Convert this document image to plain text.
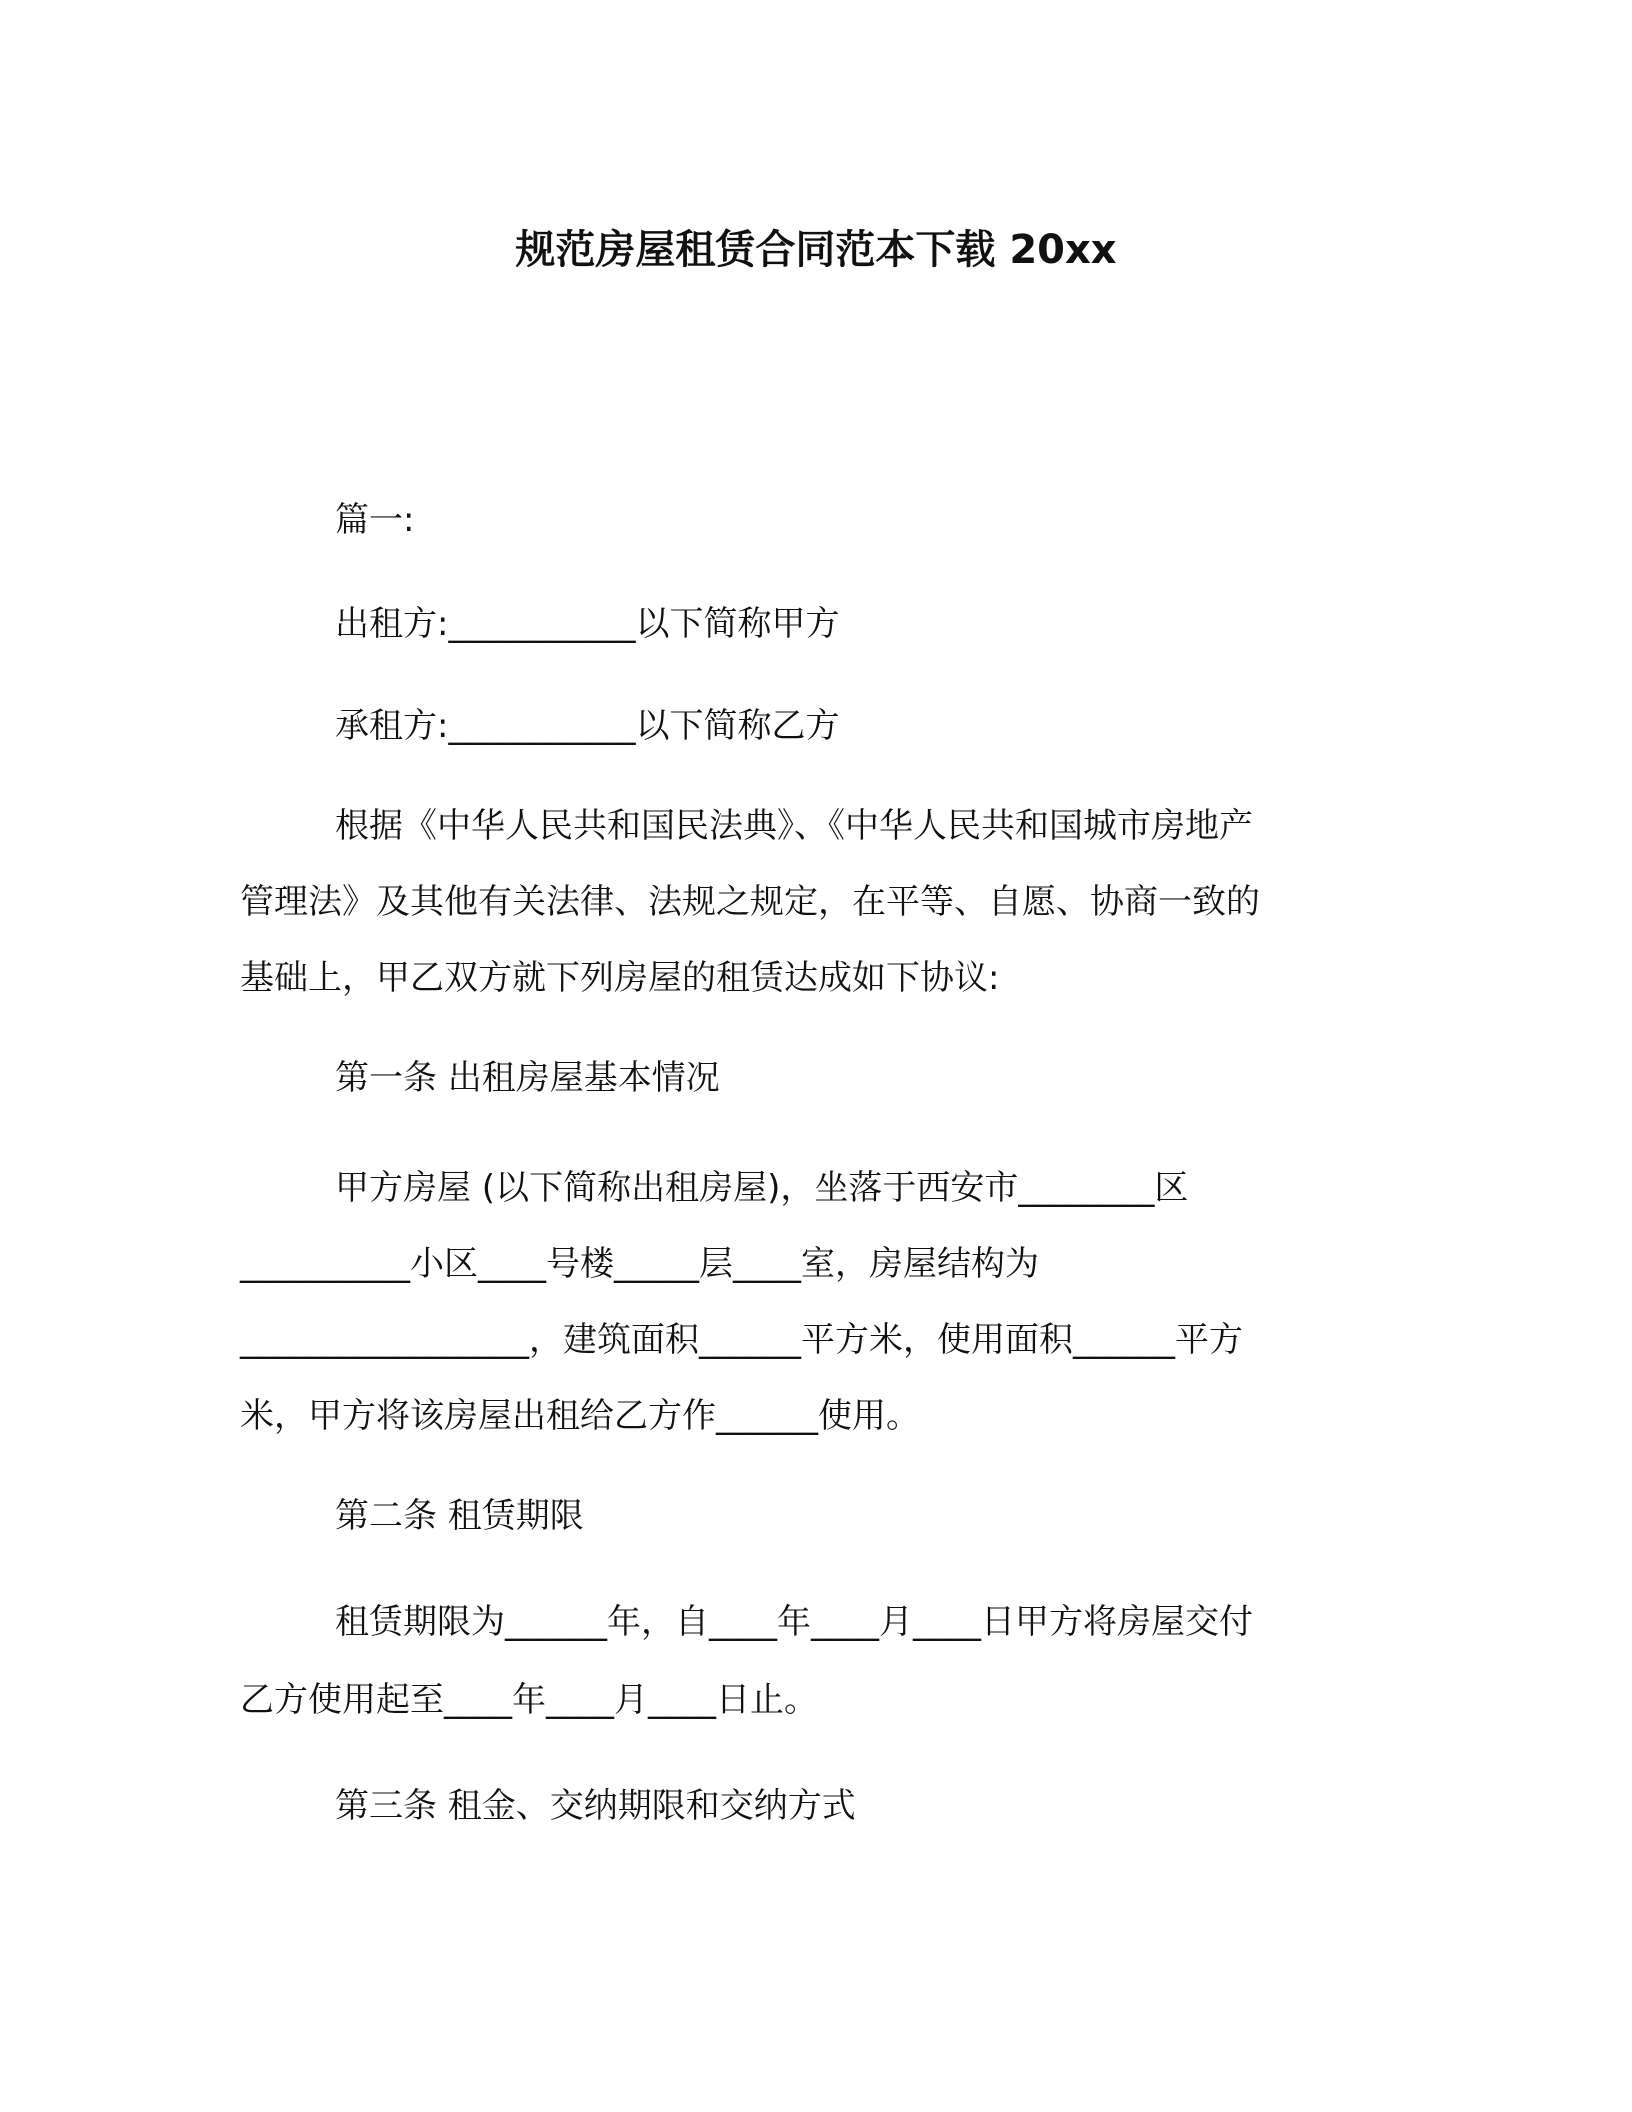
规范房屋租赁合同范本下载 20xx
篇一:
出租方:___________以下简称甲方
承租方:___________以下简称乙方
根据《中华人民共和国民法典》、《中华人民共和国城市房地产
管理法》及其他有关法律、法规之规定，在平等、自愿、协商一致的
基础上，甲乙双方就下列房屋的租赁达成如下协议:
第一条 出租房屋基本情况
甲方房屋 (以下简称出租房屋)，坐落于西安市________区
__________小区____号楼_____层____室，房屋结构为
_________________，建筑面积______平方米，使用面积______平方
米，甲方将该房屋出租给乙方作______使用。
第二条 租赁期限
租赁期限为______年，自____年____月____日甲方将房屋交付
乙方使用起至____年____月____日止。
第三条 租金、交纳期限和交纳方式
